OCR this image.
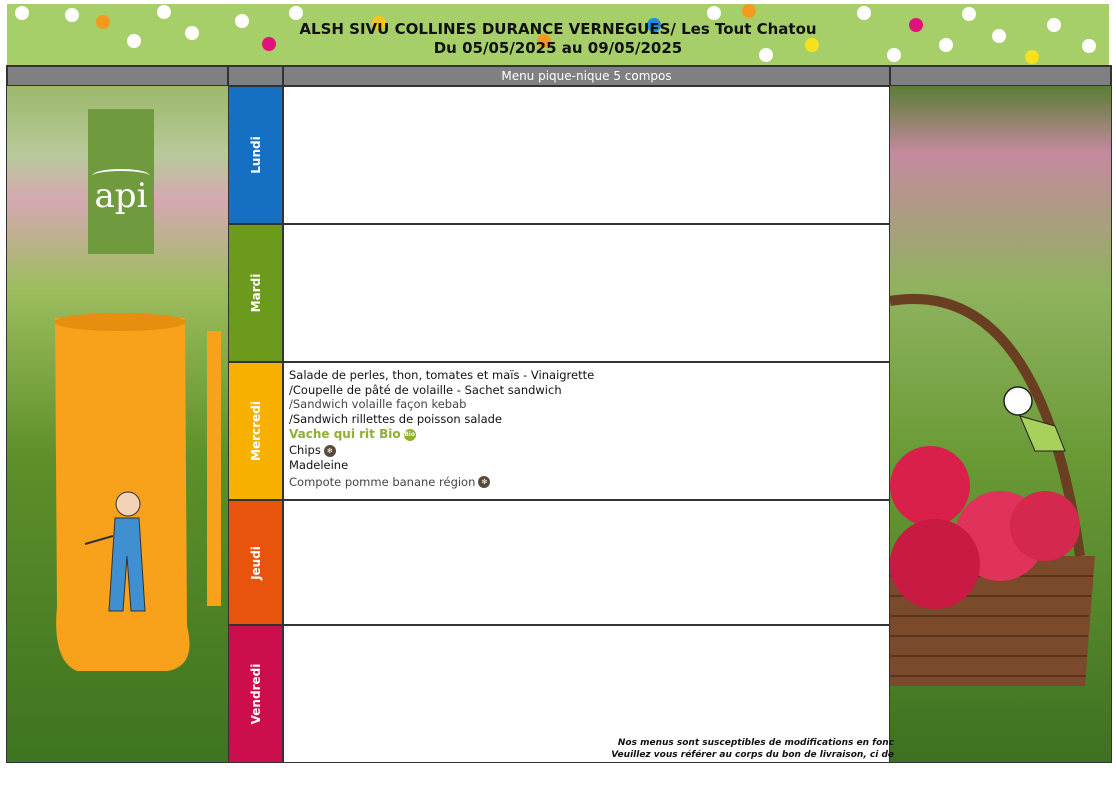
ALSH SIVU COLLINES DURANCE VERNEGUES/ Les Tout Chatou
Du 05/05/2025 au 09/05/2025
Menu pique-nique 5 compos
api
Lundi
Mardi
Mercredi
Jeudi
Vendredi
Salade de perles, thon, tomates et maïs - Vinaigrette
/Coupelle de pâté de volaille - Sachet sandwich
/Sandwich volaille façon kebab
/Sandwich rillettes de poisson salade
Vache qui rit Bio Bio
Chips ✻
Madeleine
Compote pomme banane région ✻
Nos menus sont susceptibles de modifications en fonc
Veuillez vous référer au corps du bon de livraison, ci de
